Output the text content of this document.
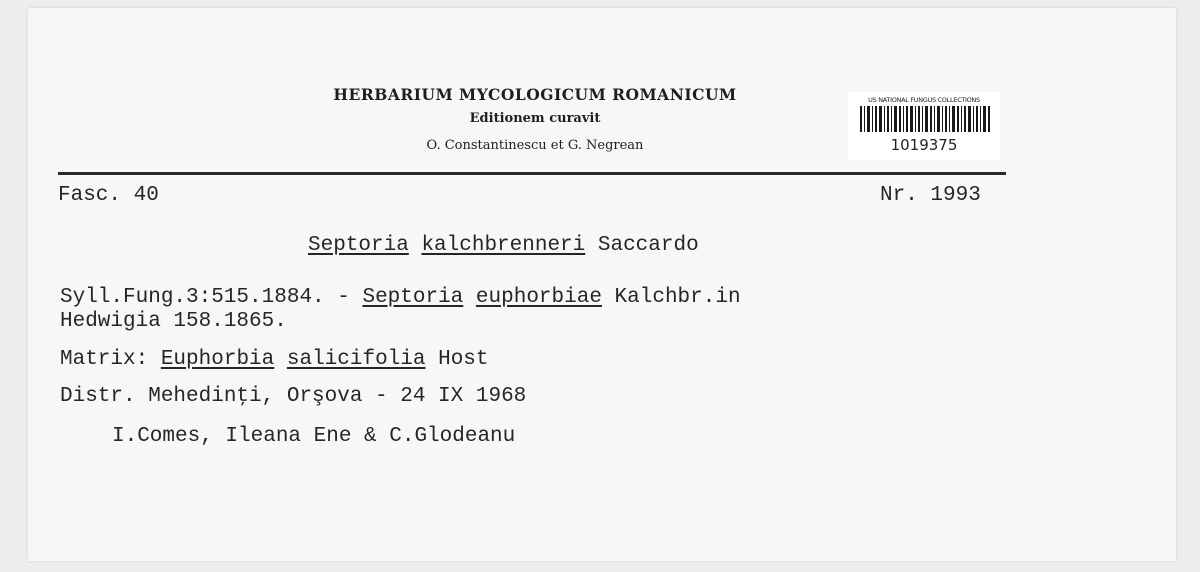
HERBARIUM MYCOLOGICUM ROMANICUM
Editionem curavit
O. Constantinescu et G. Negrean
US NATIONAL FUNGUS COLLECTIONS
1019375
Fasc. 40	Nr. 1993
Septoria kalchbrenneri Saccardo
Syll.Fung.3:515.1884. - Septoria euphorbiae Kalchbr.in
Hedwigia 158.1865.
Matrix: Euphorbia salicifolia Host
Distr. Mehedinţi, Orşova - 24 IX 1968
I.Comes, Ileana Ene & C.Glodeanu
